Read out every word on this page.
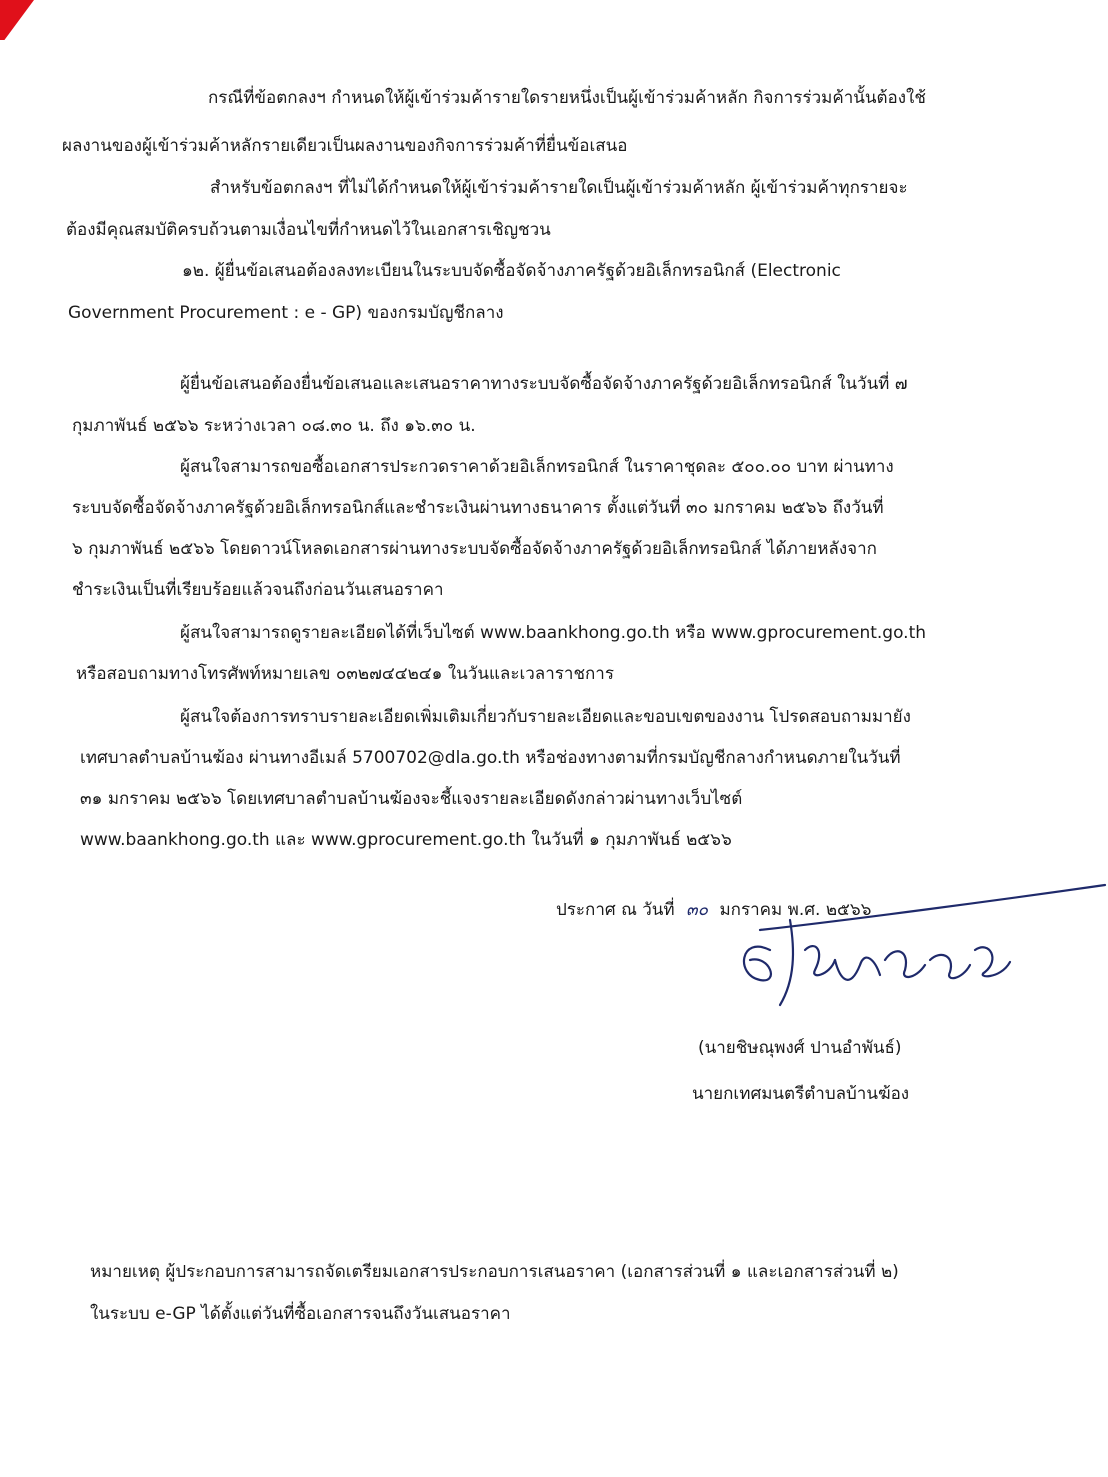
กรณีที่ข้อตกลงฯ กำหนดให้ผู้เข้าร่วมค้ารายใดรายหนึ่งเป็นผู้เข้าร่วมค้าหลัก กิจการร่วมค้านั้นต้องใช้
ผลงานของผู้เข้าร่วมค้าหลักรายเดียวเป็นผลงานของกิจการร่วมค้าที่ยื่นข้อเสนอ
สำหรับข้อตกลงฯ ที่ไม่ได้กำหนดให้ผู้เข้าร่วมค้ารายใดเป็นผู้เข้าร่วมค้าหลัก ผู้เข้าร่วมค้าทุกรายจะ
ต้องมีคุณสมบัติครบถ้วนตามเงื่อนไขที่กำหนดไว้ในเอกสารเชิญชวน
๑๒. ผู้ยื่นข้อเสนอต้องลงทะเบียนในระบบจัดซื้อจัดจ้างภาครัฐด้วยอิเล็กทรอนิกส์ (Electronic
Government Procurement : e - GP) ของกรมบัญชีกลาง
ผู้ยื่นข้อเสนอต้องยื่นข้อเสนอและเสนอราคาทางระบบจัดซื้อจัดจ้างภาครัฐด้วยอิเล็กทรอนิกส์ ในวันที่ ๗
กุมภาพันธ์ ๒๕๖๖ ระหว่างเวลา ๐๘.๓๐ น. ถึง ๑๖.๓๐ น.
ผู้สนใจสามารถขอซื้อเอกสารประกวดราคาด้วยอิเล็กทรอนิกส์ ในราคาชุดละ ๕๐๐.๐๐ บาท ผ่านทาง
ระบบจัดซื้อจัดจ้างภาครัฐด้วยอิเล็กทรอนิกส์และชำระเงินผ่านทางธนาคาร ตั้งแต่วันที่ ๓๐ มกราคม ๒๕๖๖ ถึงวันที่
๖ กุมภาพันธ์ ๒๕๖๖ โดยดาวน์โหลดเอกสารผ่านทางระบบจัดซื้อจัดจ้างภาครัฐด้วยอิเล็กทรอนิกส์ ได้ภายหลังจาก
ชำระเงินเป็นที่เรียบร้อยแล้วจนถึงก่อนวันเสนอราคา
ผู้สนใจสามารถดูรายละเอียดได้ที่เว็บไซต์ www.baankhong.go.th หรือ www.gprocurement.go.th
หรือสอบถามทางโทรศัพท์หมายเลข ๐๓๒๗๔๔๒๔๑ ในวันและเวลาราชการ
ผู้สนใจต้องการทราบรายละเอียดเพิ่มเติมเกี่ยวกับรายละเอียดและขอบเขตของงาน โปรดสอบถามมายัง
เทศบาลตำบลบ้านฆ้อง ผ่านทางอีเมล์ 5700702@dla.go.th หรือช่องทางตามที่กรมบัญชีกลางกำหนดภายในวันที่
๓๑ มกราคม ๒๕๖๖ โดยเทศบาลตำบลบ้านฆ้องจะชี้แจงรายละเอียดดังกล่าวผ่านทางเว็บไซต์
www.baankhong.go.th และ www.gprocurement.go.th ในวันที่ ๑ กุมภาพันธ์ ๒๕๖๖
ประกาศ ณ วันที่ ๓๐ มกราคม พ.ศ. ๒๕๖๖
(นายชิษณุพงศ์ ปานอำพันธ์)
นายกเทศมนตรีตำบลบ้านฆ้อง
หมายเหตุ ผู้ประกอบการสามารถจัดเตรียมเอกสารประกอบการเสนอราคา (เอกสารส่วนที่ ๑ และเอกสารส่วนที่ ๒)
ในระบบ e-GP ได้ตั้งแต่วันที่ซื้อเอกสารจนถึงวันเสนอราคา
